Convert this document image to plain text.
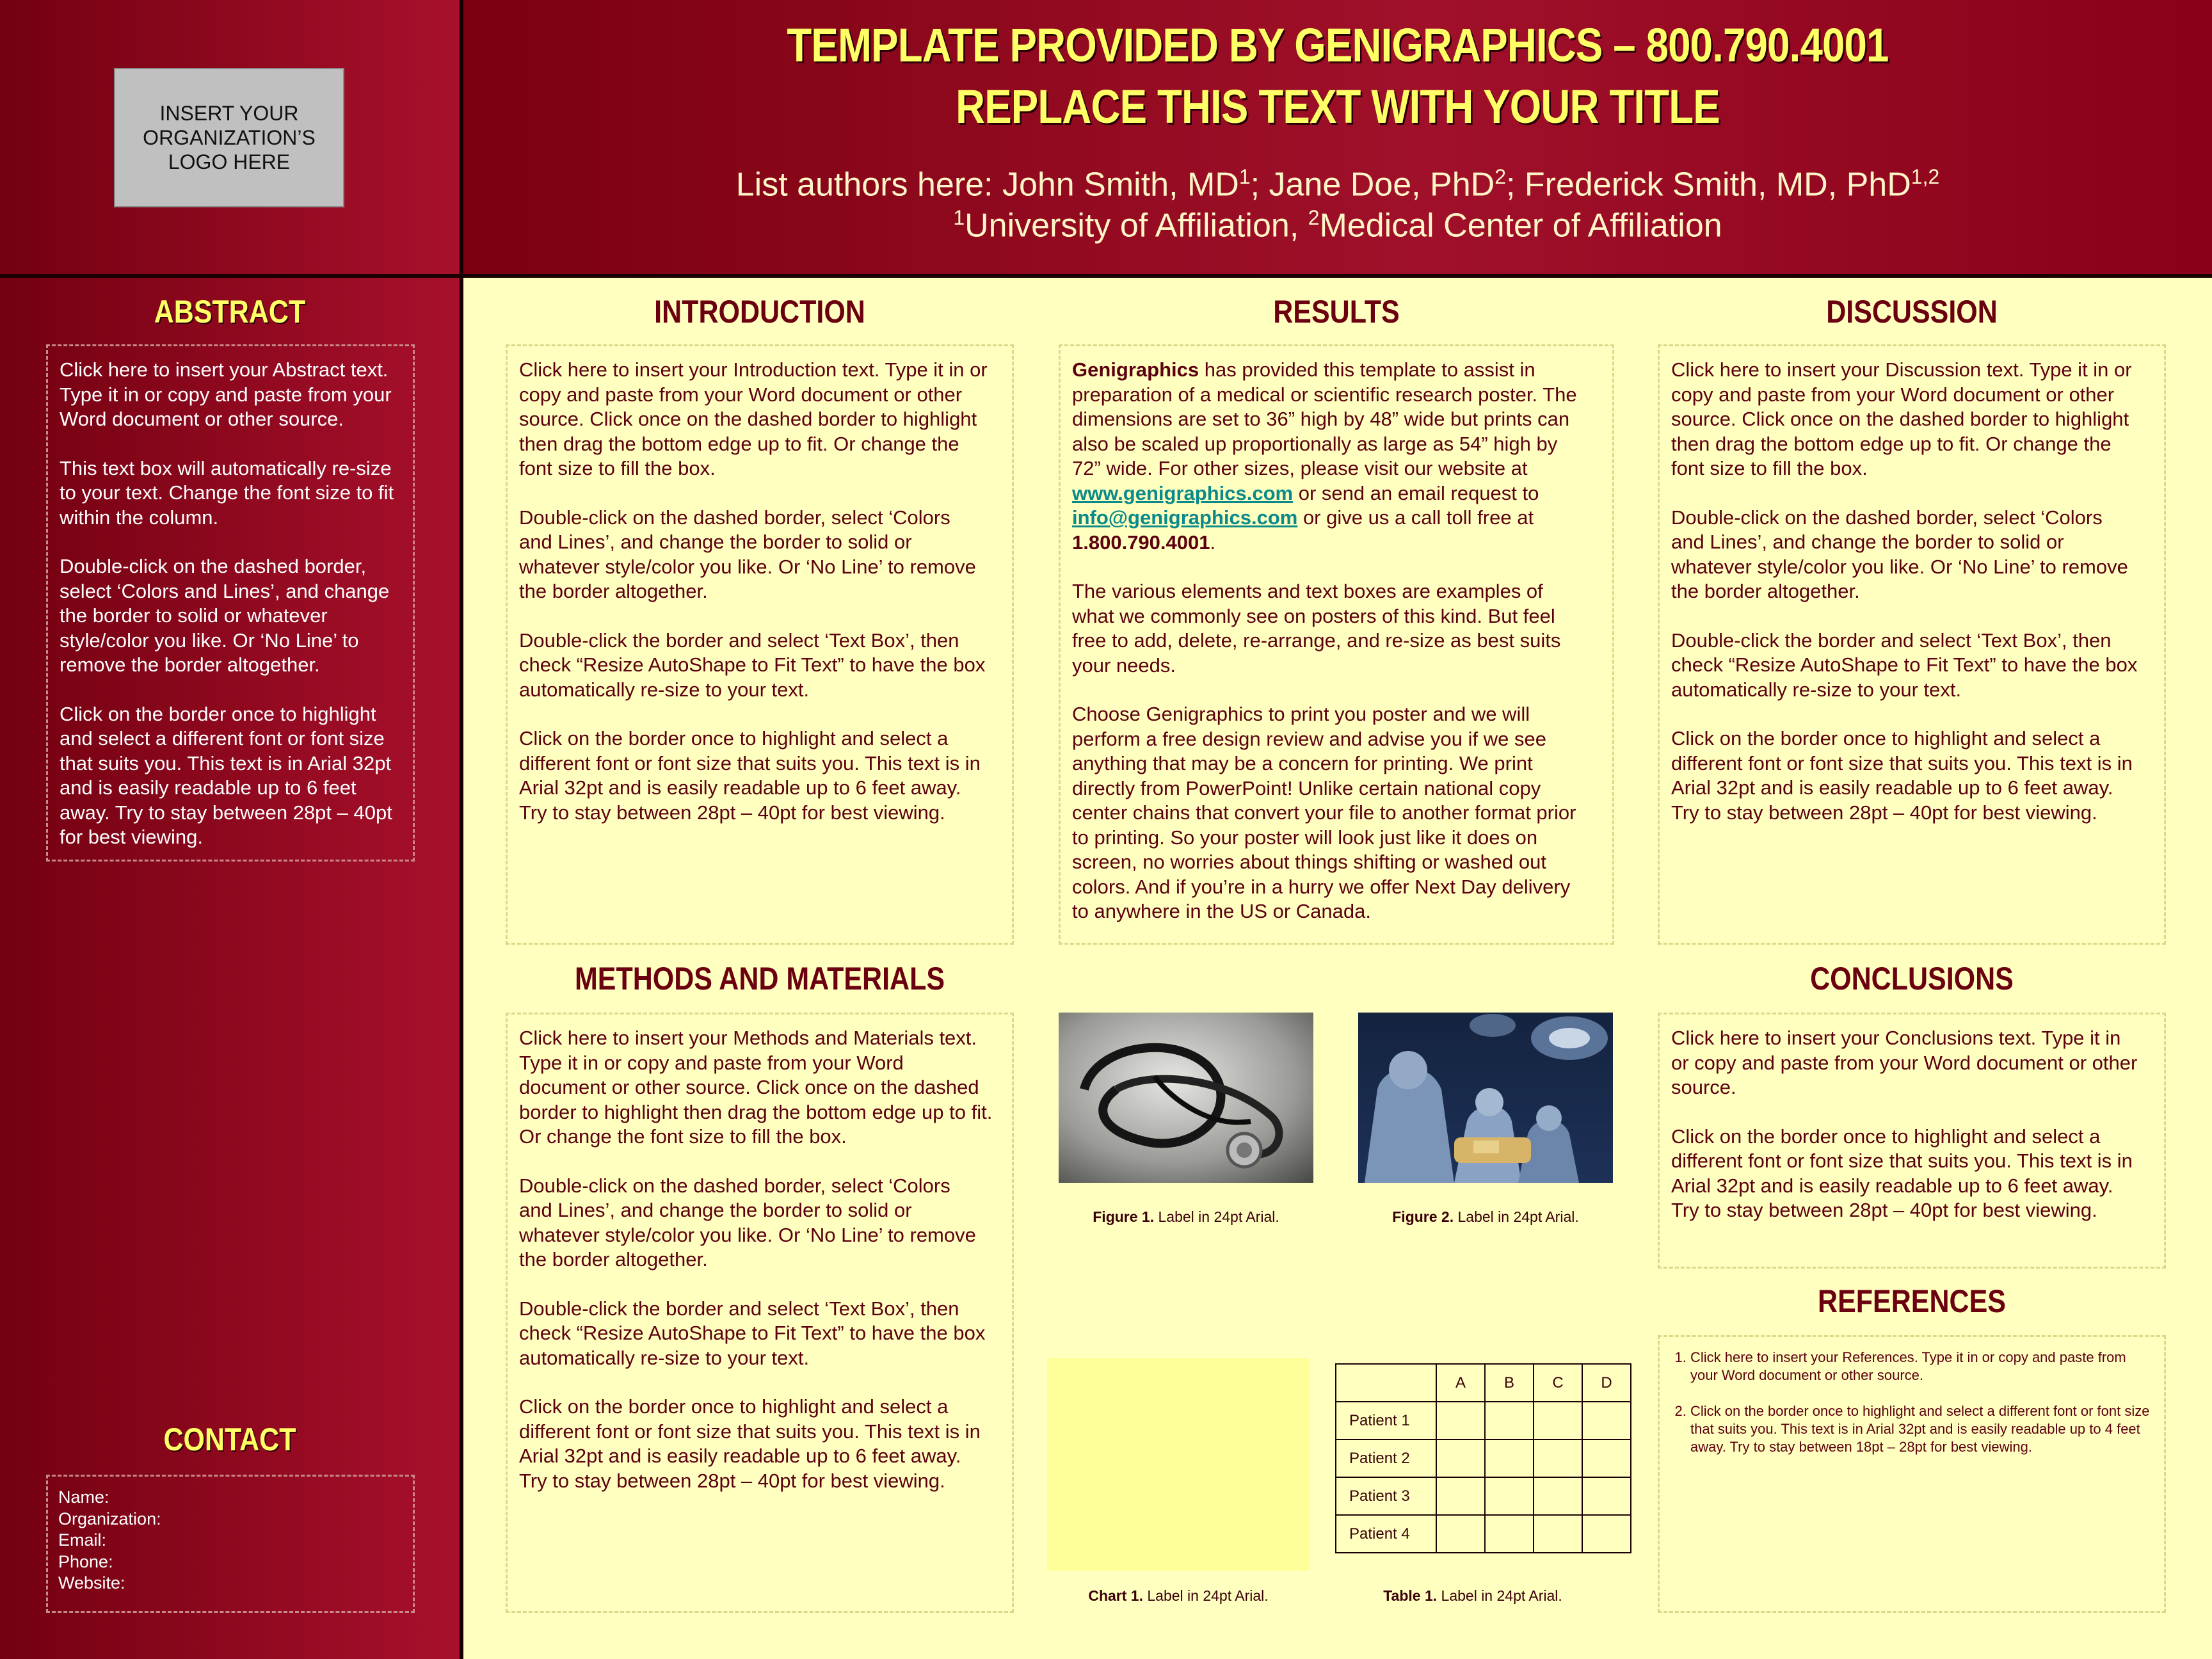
INSERT YOUR ORGANIZATION’S LOGO HERE
TEMPLATE PROVIDED BY GENIGRAPHICS – 800.790.4001
REPLACE THIS TEXT WITH YOUR TITLE
List authors here: John Smith, $MD^1$; Jane Doe, PhD$^2$; Frederick Smith, MD, PhD$^{1,2}$
$^1$University of Affiliation, $^2$Medical Center of Affiliation
ABSTRACT

Click here to insert your Abstract text.
Type it in or copy and paste from your
Word document or other source.

This text box will automatically re-size
to your text. Change the font size to fit
within the column.

Double-click on the dashed border,
select ‘Colors and Lines’, and change
the border to solid or whatever
style/color you like. Or ‘No Line’ to
remove the border altogether.

Click on the border once to highlight
and select a different font or font size
that suits you. This text is in Arial 32pt
and is easily readable up to 6 feet
away. Try to stay between 28pt – 40pt
for best viewing.

CONTACT
Name:
Organization:
Email:
Phone:
Website:
INTRODUCTION

Click here to insert your Introduction text. Type it in or
copy and paste from your Word document or other
source. Click once on the dashed border to highlight
then drag the bottom edge up to fit. Or change the
font size to fill the box.

Double-click on the dashed border, select ‘Colors
and Lines’, and change the border to solid or
whatever style/color you like. Or ‘No Line’ to remove
the border altogether.

Double-click the border and select ‘Text Box’, then
check “Resize AutoShape to Fit Text” to have the box
automatically re-size to your text.

Click on the border once to highlight and select a
different font or font size that suits you. This text is in
Arial 32pt and is easily readable up to 6 feet away.
Try to stay between 28pt – 40pt for best viewing.

RESULTS

Genigraphics has provided this template to assist in
preparation of a medical or scientific research poster. The
dimensions are set to 36” high by 48” wide but prints can
also be scaled up proportionally as large as 54” high by
72” wide. For other sizes, please visit our website at
www.genigraphics.com or send an email request to
info@genigraphics.com or give us a call toll free at
1.800.790.4001.

The various elements and text boxes are examples of
what we commonly see on posters of this kind. But feel
free to add, delete, re-arrange, and re-size as best suits
your needs.

Choose Genigraphics to print you poster and we will
perform a free design review and advise you if we see
anything that may be a concern for printing. We print
directly from PowerPoint! Unlike certain national copy
center chains that convert your file to another format prior
to printing. So your poster will look just like it does on
screen, no worries about things shifting or washed out
colors. And if you’re in a hurry we offer Next Day delivery
to anywhere in the US or Canada.

DISCUSSION

Click here to insert your Discussion text. Type it in or
copy and paste from your Word document or other
source. Click once on the dashed border to highlight
then drag the bottom edge up to fit. Or change the
font size to fill the box.

Double-click on the dashed border, select ‘Colors
and Lines’, and change the border to solid or
whatever style/color you like. Or ‘No Line’ to remove
the border altogether.

Double-click the border and select ‘Text Box’, then
check “Resize AutoShape to Fit Text” to have the box
automatically re-size to your text.

Click on the border once to highlight and select a
different font or font size that suits you. This text is in
Arial 32pt and is easily readable up to 6 feet away.
Try to stay between 28pt – 40pt for best viewing.

METHODS AND MATERIALS

Click here to insert your Methods and Materials text.
Type it in or copy and paste from your Word
document or other source. Click once on the dashed
border to highlight then drag the bottom edge up to fit.
Or change the font size to fill the box.

Double-click on the dashed border, select ‘Colors
and Lines’, and change the border to solid or
whatever style/color you like. Or ‘No Line’ to remove
the border altogether.

Double-click the border and select ‘Text Box’, then
check “Resize AutoShape to Fit Text” to have the box
automatically re-size to your text.

Click on the border once to highlight and select a
different font or font size that suits you. This text is in
Arial 32pt and is easily readable up to 6 feet away.
Try to stay between 28pt – 40pt for best viewing.

Figure 1. Label in 24pt Arial.	Figure 2. Label in 24pt Arial.
Chart 1. Label in 24pt Arial.
	A	B	C	D
Patient 1				
Patient 2				
Patient 3				
Patient 4				
Table 1. Label in 24pt Arial.
CONCLUSIONS

Click here to insert your Conclusions text. Type it in
or copy and paste from your Word document or other
source.

Click on the border once to highlight and select a
different font or font size that suits you. This text is in
Arial 32pt and is easily readable up to 6 feet away.
Try to stay between 28pt – 40pt for best viewing.

REFERENCES
1. Click here to insert your References. Type it in or copy and paste from your Word document or other source.
2. Click on the border once to highlight and select a different font or font size that suits you. This text is in Arial 32pt and is easily readable up to 4 feet away. Try to stay between 18pt – 28pt for best viewing.
